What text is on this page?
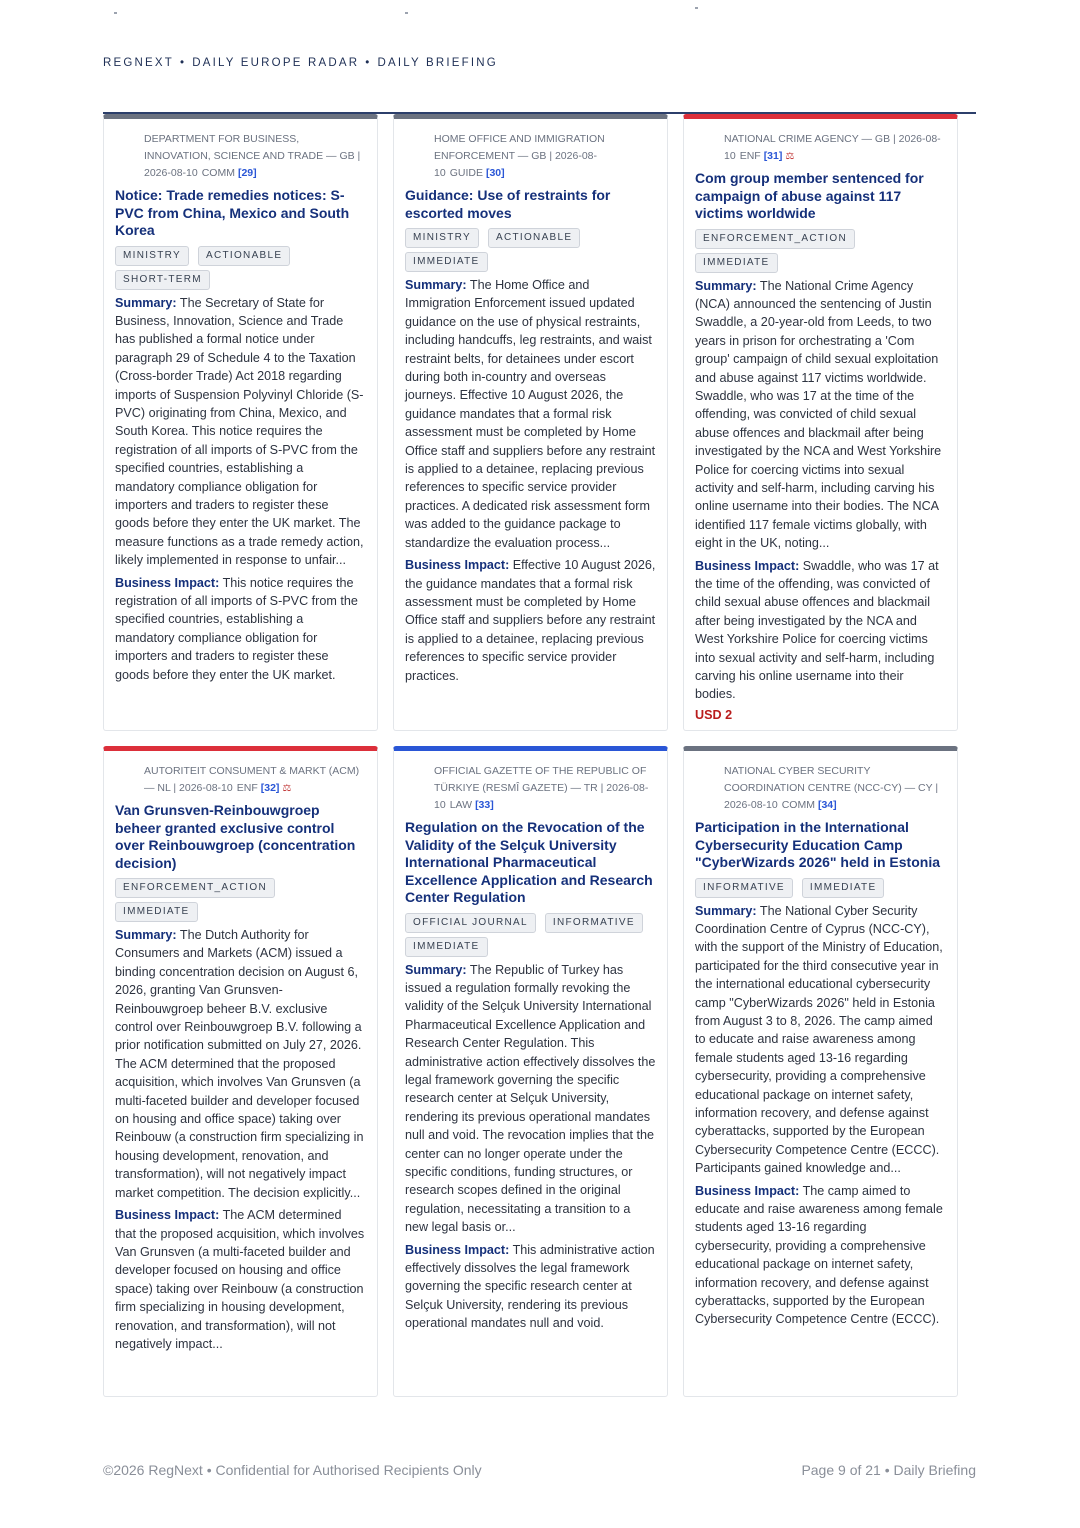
REGNEXT • DAILY EUROPE RADAR • DAILY BRIEFING
DEPARTMENT FOR BUSINESS, INNOVATION, SCIENCE AND TRADE — GB | 2026-08-10 COMM [29]
Notice: Trade remedies notices: S-PVC from China, Mexico and South Korea
MINISTRY	ACTIONABLE
SHORT-TERM

Summary: The Secretary of State for Business, Innovation, Science and Trade has published a formal notice under paragraph 29 of Schedule 4 to the Taxation (Cross-border Trade) Act 2018 regarding imports of Suspension Polyvinyl Chloride (S-PVC) originating from China, Mexico, and South Korea. This notice requires the registration of all imports of S-PVC from the specified countries, establishing a mandatory compliance obligation for importers and traders to register these goods before they enter the UK market. The measure functions as a trade remedy action, likely implemented in response to unfair...

Business Impact: This notice requires the registration of all imports of S-PVC from the specified countries, establishing a mandatory compliance obligation for importers and traders to register these goods before they enter the UK market.

HOME OFFICE AND IMMIGRATION ENFORCEMENT — GB | 2026-08-10 GUIDE [30]
Guidance: Use of restraints for escorted moves
MINISTRY	ACTIONABLE
IMMEDIATE

Summary: The Home Office and Immigration Enforcement issued updated guidance on the use of physical restraints, including handcuffs, leg restraints, and waist restraint belts, for detainees under escort during both in-country and overseas journeys. Effective 10 August 2026, the guidance mandates that a formal risk assessment must be completed by Home Office staff and suppliers before any restraint is applied to a detainee, replacing previous references to specific service provider practices. A dedicated risk assessment form was added to the guidance package to standardize the evaluation process...

Business Impact: Effective 10 August 2026, the guidance mandates that a formal risk assessment must be completed by Home Office staff and suppliers before any restraint is applied to a detainee, replacing previous references to specific service provider practices.

NATIONAL CRIME AGENCY — GB | 2026-08-10 ENF [31] ⚖
Com group member sentenced for campaign of abuse against 117 victims worldwide
ENFORCEMENT_ACTION
IMMEDIATE

Summary: The National Crime Agency (NCA) announced the sentencing of Justin Swaddle, a 20-year-old from Leeds, to two years in prison for orchestrating a 'Com group' campaign of child sexual exploitation and abuse against 117 victims worldwide. Swaddle, who was 17 at the time of the offending, was convicted of child sexual abuse offences and blackmail after being investigated by the NCA and West Yorkshire Police for coercing victims into sexual activity and self-harm, including carving his online username into their bodies. The NCA identified 117 female victims globally, with eight in the UK, noting...

Business Impact: Swaddle, who was 17 at the time of the offending, was convicted of child sexual abuse offences and blackmail after being investigated by the NCA and West Yorkshire Police for coercing victims into sexual activity and self-harm, including carving his online username into their bodies.

USD 2

AUTORITEIT CONSUMENT & MARKT (ACM) — NL | 2026-08-10 ENF [32] ⚖
Van Grunsven-Reinbouwgroep beheer granted exclusive control over Reinbouwgroep (concentration decision)
ENFORCEMENT_ACTION
IMMEDIATE

Summary: The Dutch Authority for Consumers and Markets (ACM) issued a binding concentration decision on August 6, 2026, granting Van Grunsven-Reinbouwgroep beheer B.V. exclusive control over Reinbouwgroep B.V. following a prior notification submitted on July 27, 2026. The ACM determined that the proposed acquisition, which involves Van Grunsven (a multi-faceted builder and developer focused on housing and office space) taking over Reinbouw (a construction firm specializing in housing development, renovation, and transformation), will not negatively impact market competition. The decision explicitly...

Business Impact: The ACM determined that the proposed acquisition, which involves Van Grunsven (a multi-faceted builder and developer focused on housing and office space) taking over Reinbouw (a construction firm specializing in housing development, renovation, and transformation), will not negatively impact...

OFFICIAL GAZETTE OF THE REPUBLIC OF TÜRKIYE (RESMÎ GAZETE) — TR | 2026-08-10 LAW [33]
Regulation on the Revocation of the Validity of the Selçuk University International Pharmaceutical Excellence Application and Research Center Regulation
OFFICIAL JOURNAL	INFORMATIVE
IMMEDIATE

Summary: The Republic of Turkey has issued a regulation formally revoking the validity of the Selçuk University International Pharmaceutical Excellence Application and Research Center Regulation. This administrative action effectively dissolves the legal framework governing the specific research center at Selçuk University, rendering its previous operational mandates null and void. The revocation implies that the center can no longer operate under the specific conditions, funding structures, or research scopes defined in the original regulation, necessitating a transition to a new legal basis or...

Business Impact: This administrative action effectively dissolves the legal framework governing the specific research center at Selçuk University, rendering its previous operational mandates null and void.

NATIONAL CYBER SECURITY COORDINATION CENTRE (NCC-CY) — CY | 2026-08-10 COMM [34]
Participation in the International Cybersecurity Education Camp "CyberWizards 2026" held in Estonia
INFORMATIVE	IMMEDIATE

Summary: The National Cyber Security Coordination Centre of Cyprus (NCC-CY), with the support of the Ministry of Education, participated for the third consecutive year in the international educational cybersecurity camp "CyberWizards 2026" held in Estonia from August 3 to 8, 2026. The camp aimed to educate and raise awareness among female students aged 13-16 regarding cybersecurity, providing a comprehensive educational package on internet safety, information recovery, and defense against cyberattacks, supported by the European Cybersecurity Competence Centre (ECCC). Participants gained knowledge and...

Business Impact: The camp aimed to educate and raise awareness among female students aged 13-16 regarding cybersecurity, providing a comprehensive educational package on internet safety, information recovery, and defense against cyberattacks, supported by the European Cybersecurity Competence Centre (ECCC).

©2026 RegNext • Confidential for Authorised Recipients Only	Page 9 of 21 • Daily Briefing
